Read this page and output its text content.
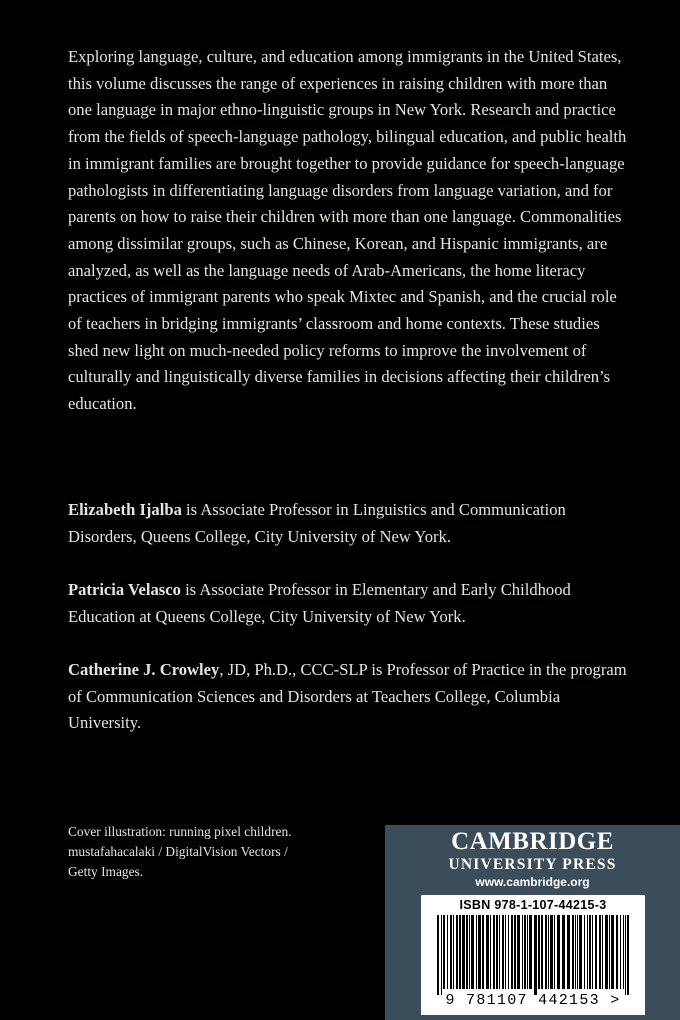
Exploring language, culture, and education among immigrants in the United States, this volume discusses the range of experiences in raising children with more than one language in major ethno-linguistic groups in New York. Research and practice from the fields of speech-language pathology, bilingual education, and public health in immigrant families are brought together to provide guidance for speech-language pathologists in differentiating language disorders from language variation, and for parents on how to raise their children with more than one language. Commonalities among dissimilar groups, such as Chinese, Korean, and Hispanic immigrants, are analyzed, as well as the language needs of Arab-Americans, the home literacy practices of immigrant parents who speak Mixtec and Spanish, and the crucial role of teachers in bridging immigrants’ classroom and home contexts. These studies shed new light on much-needed policy reforms to improve the involvement of culturally and linguistically diverse families in decisions affecting their children’s education.

Elizabeth Ijalba is Associate Professor in Linguistics and Communication Disorders, Queens College, City University of New York.

Patricia Velasco is Associate Professor in Elementary and Early Childhood Education at Queens College, City University of New York.

Catherine J. Crowley, JD, Ph.D., CCC-SLP is Professor of Practice in the program of Communication Sciences and Disorders at Teachers College, Columbia University.

Cover illustration: running pixel children.
mustafahacalaki / DigitalVision Vectors /
Getty Images.

CAMBRIDGE
UNIVERSITY PRESS
www.cambridge.org
ISBN 978-1-107-44215-3
9 781107 442153 >
